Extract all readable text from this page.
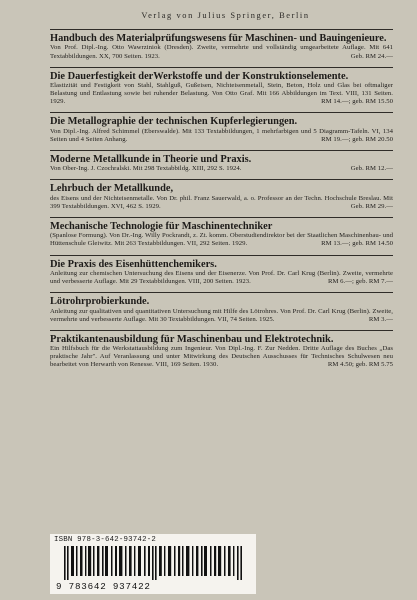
Verlag von Julius Springer, Berlin

Handbuch des Materialprüfungswesens für Maschinen- und Bauingenieure.

Von Prof. Dipl.-Ing. Otto Wawrziniok (Dresden). Zweite, vermehrte und vollständig umgearbeitete Auflage. Mit 641 Textabbildungen. XX, 700 Seiten. 1923.	Geb. RM 24.—

Die Dauerfestigkeit derWerkstoffe und der Konstruktionselemente.

Elastizität und Festigkeit von Stahl, Stahlguß, Gußeisen, Nichteisenmetall, Stein, Beton, Holz und Glas bei oftmaliger Belastung und Entlastung sowie bei ruhender Belastung. Von Otto Graf. Mit 166 Abbildungen im Text. VIII, 131 Seiten. 1929.	RM 14.—; geb. RM 15.50

Die Metallographie der technischen Kupferlegierungen.

Von Dipl.-Ing. Alfred Schimmel (Eberswalde). Mit 133 Textabbildungen, 1 mehrfarbigen und 5 Diagramm-Tafeln. VI, 134 Seiten und 4 Seiten Anhang.	RM 19.—; geb. RM 20.50

Moderne Metallkunde in Theorie und Praxis.

Von Ober-Ing. J. Czochralski. Mit 298 Textabbildg. XIII, 292 S. 1924.	Geb. RM 12.—

Lehrbuch der Metallkunde,

des Eisens und der Nichteisenmetalle. Von Dr. phil. Franz Sauerwald, a. o. Professor an der Techn. Hochschule Breslau. Mit 399 Textabbildungen. XVI, 462 S. 1929.	Geb. RM 29.—

Mechanische Technologie für Maschinentechniker

(Spanlose Formung). Von Dr.-Ing. Willy Pockrandt, z. Zt. komm. Oberstudiendirektor bei der Staatlichen Maschinenbau- und Hüttenschule Gleiwitz. Mit 263 Textabbildungen. VII, 292 Seiten. 1929.	RM 13.—; geb. RM 14.50

Die Praxis des Eisenhüttenchemikers.

Anleitung zur chemischen Untersuchung des Eisens und der Eisenerze. Von Prof. Dr. Carl Krug (Berlin). Zweite, vermehrte und verbesserte Auflage. Mit 29 Textabbildungen. VIII, 200 Seiten. 1923.	RM 6.—; geb. RM 7.—

Lötrohrprobierkunde.

Anleitung zur qualitativen und quantitativen Untersuchung mit Hilfe des Lötrohres. Von Prof. Dr. Carl Krug (Berlin). Zweite, vermehrte und verbesserte Auflage. Mit 30 Textabbildungen. VII, 74 Seiten. 1925.	RM 3.—

Praktikantenausbildung für Maschinenbau und Elektrotechnik.

Ein Hilfsbuch für die Werkstattausbildung zum Ingenieur. Von Dipl.-Ing. F. Zur Nedden. Dritte Auflage des Buches „Das praktische Jahr". Auf Veranlassung und unter Mitwirkung des Deutschen Ausschusses für Technisches Schulwesen neu bearbeitet von Herwarth von Renesse. VIII, 169 Seiten. 1930.	RM 4.50; geb. RM 5.75

ISBN 978-3-642-93742-2
9 783642 937422
